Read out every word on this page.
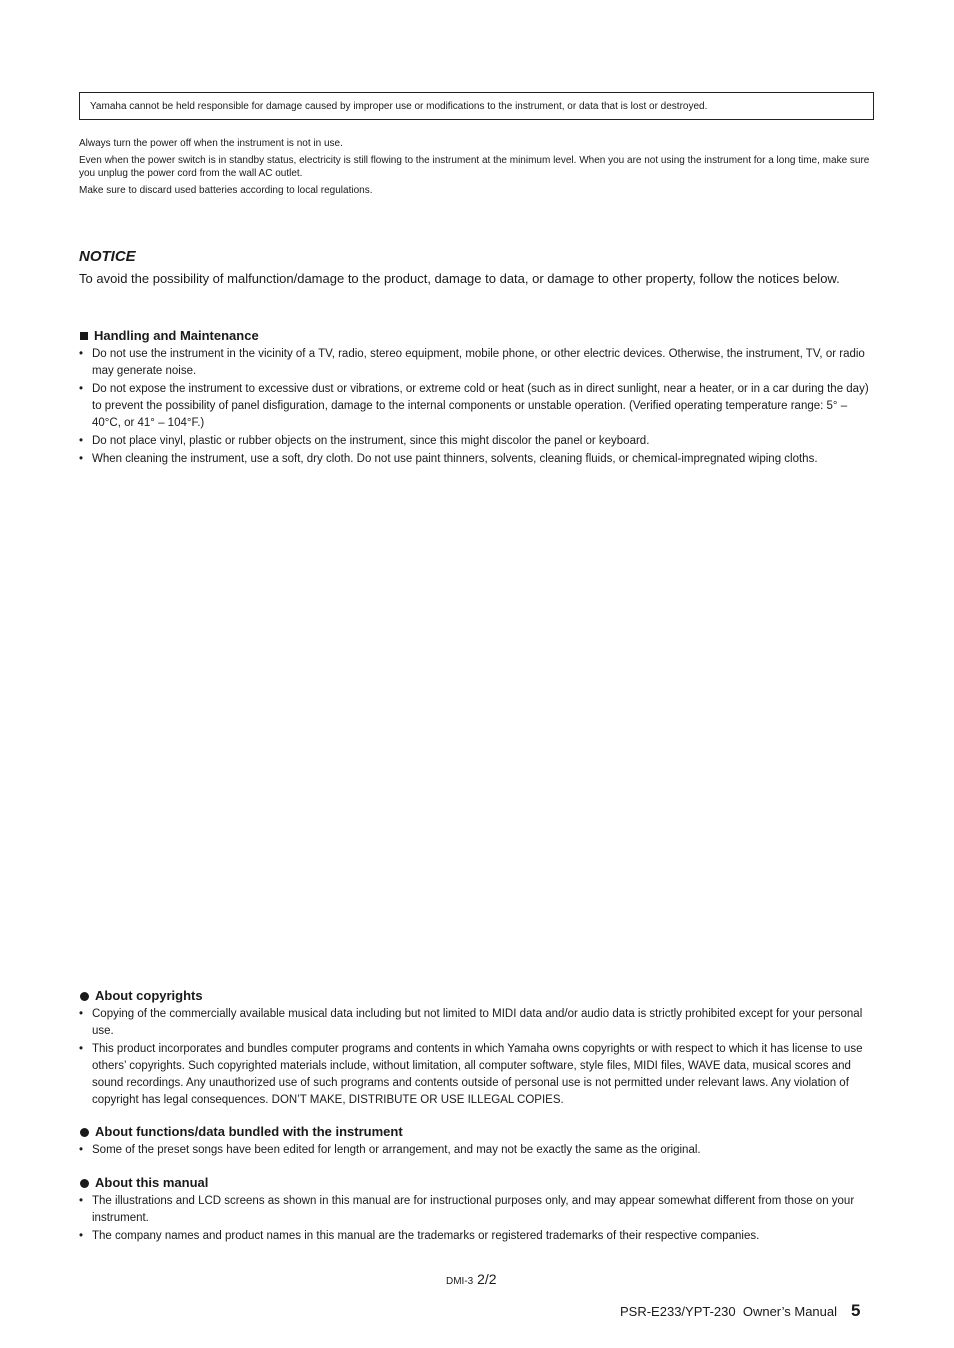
Yamaha cannot be held responsible for damage caused by improper use or modifications to the instrument, or data that is lost or destroyed.

Always turn the power off when the instrument is not in use.

Even when the power switch is in standby status, electricity is still flowing to the instrument at the minimum level. When you are not using the instrument for a long time, make sure you unplug the power cord from the wall AC outlet.

Make sure to discard used batteries according to local regulations.

NOTICE

To avoid the possibility of malfunction/damage to the product, damage to data, or damage to other property, follow the notices below.

Handling and Maintenance
• Do not use the instrument in the vicinity of a TV, radio, stereo equipment, mobile phone, or other electric devices. Otherwise, the instrument, TV, or radio may generate noise.
• Do not expose the instrument to excessive dust or vibrations, or extreme cold or heat (such as in direct sunlight, near a heater, or in a car during the day) to prevent the possibility of panel disfiguration, damage to the internal components or unstable operation. (Verified operating temperature range: 5° – 40°C, or 41° – 104°F.)
• Do not place vinyl, plastic or rubber objects on the instrument, since this might discolor the panel or keyboard.
• When cleaning the instrument, use a soft, dry cloth. Do not use paint thinners, solvents, cleaning fluids, or chemical-impregnated wiping cloths.
About copyrights
• Copying of the commercially available musical data including but not limited to MIDI data and/or audio data is strictly prohibited except for your personal use.
• This product incorporates and bundles computer programs and contents in which Yamaha owns copyrights or with respect to which it has license to use others’ copyrights. Such copyrighted materials include, without limitation, all computer software, style files, MIDI files, WAVE data, musical scores and sound recordings. Any unauthorized use of such programs and contents outside of personal use is not permitted under relevant laws. Any violation of copyright has legal consequences. DON’T MAKE, DISTRIBUTE OR USE ILLEGAL COPIES.
About functions/data bundled with the instrument
• Some of the preset songs have been edited for length or arrangement, and may not be exactly the same as the original.
About this manual
• The illustrations and LCD screens as shown in this manual are for instructional purposes only, and may appear somewhat different from those on your instrument.
• The company names and product names in this manual are the trademarks or registered trademarks of their respective companies.
DMI-3 2/2
PSR-E233/YPT-230  Owner’s Manual 5
